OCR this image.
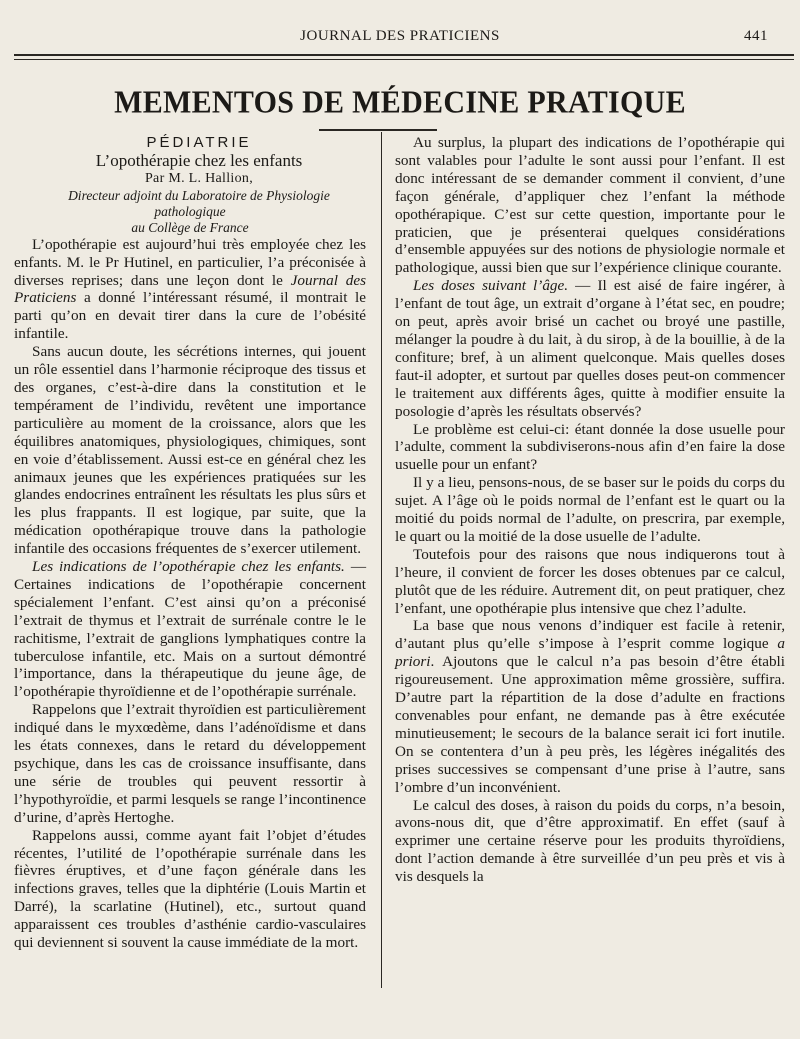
JOURNAL DES PRATICIENS	441
MEMENTOS DE MÉDECINE PRATIQUE

PÉDIATRIE

L’opothérapie chez les enfants

Par M. L. Hallion,

Directeur adjoint du Laboratoire de Physiologie pathologique
au Collège de France

L’opothérapie est aujourd’hui très employée chez les enfants. M. le Pr Hutinel, en particulier, l’a préconisée à diverses reprises; dans une leçon dont le Journal des Praticiens a donné l’intéressant résumé, il montrait le parti qu’on en devait tirer dans la cure de l’obésité infantile.

Sans aucun doute, les sécrétions internes, qui jouent un rôle essentiel dans l’harmonie réciproque des tissus et des organes, c’est-à-dire dans la constitution et le tempérament de l’individu, revêtent une importance particulière au moment de la croissance, alors que les équilibres anatomiques, physiologiques, chimiques, sont en voie d’établissement. Aussi est-ce en général chez les animaux jeunes que les expériences pratiquées sur les glandes endocrines entraînent les résultats les plus sûrs et les plus frappants. Il est logique, par suite, que la médication opothérapique trouve dans la pathologie infantile des occasions fréquentes de s’exercer utilement.

Les indications de l’opothérapie chez les enfants. — Certaines indications de l’opothérapie concernent spécialement l’enfant. C’est ainsi qu’on a préconisé l’extrait de thymus et l’extrait de surrénale contre le le rachitisme, l’extrait de ganglions lymphatiques contre la tuberculose infantile, etc. Mais on a surtout démontré l’importance, dans la thérapeutique du jeune âge, de l’opothérapie thyroïdienne et de l’opothérapie surrénale.

Rappelons que l’extrait thyroïdien est particulièrement indiqué dans le myxœdème, dans l’adénoïdisme et dans les états connexes, dans le retard du développement psychique, dans les cas de croissance insuffisante, dans une série de troubles qui peuvent ressortir à l’hypothyroïdie, et parmi lesquels se range l’incontinence d’urine, d’après Hertoghe.

Rappelons aussi, comme ayant fait l’objet d’études récentes, l’utilité de l’opothérapie surrénale dans les fièvres éruptives, et d’une façon générale dans les infections graves, telles que la diphtérie (Louis Martin et Darré), la scarlatine (Hutinel), etc., surtout quand apparaissent ces troubles d’asthénie cardio-vasculaires qui deviennent si souvent la cause immédiate de la mort.

Au surplus, la plupart des indications de l’opothérapie qui sont valables pour l’adulte le sont aussi pour l’enfant. Il est donc intéressant de se demander comment il convient, d’une façon générale, d’appliquer chez l’enfant la méthode opothérapique. C’est sur cette question, importante pour le praticien, que je présenterai quelques considérations d’ensemble appuyées sur des notions de physiologie normale et pathologique, aussi bien que sur l’expérience clinique courante.

Les doses suivant l’âge. — Il est aisé de faire ingérer, à l’enfant de tout âge, un extrait d’organe à l’état sec, en poudre; on peut, après avoir brisé un cachet ou broyé une pastille, mélanger la poudre à du lait, à du sirop, à de la bouillie, à de la confiture; bref, à un aliment quelconque. Mais quelles doses faut-il adopter, et surtout par quelles doses peut-on commencer le traitement aux différents âges, quitte à modifier ensuite la posologie d’après les résultats observés?

Le problème est celui-ci: étant donnée la dose usuelle pour l’adulte, comment la subdiviserons-nous afin d’en faire la dose usuelle pour un enfant?

Il y a lieu, pensons-nous, de se baser sur le poids du corps du sujet. A l’âge où le poids normal de l’enfant est le quart ou la moitié du poids normal de l’adulte, on prescrira, par exemple, le quart ou la moitié de la dose usuelle de l’adulte.

Toutefois pour des raisons que nous indiquerons tout à l’heure, il convient de forcer les doses obtenues par ce calcul, plutôt que de les réduire. Autrement dit, on peut pratiquer, chez l’enfant, une opothérapie plus intensive que chez l’adulte.

La base que nous venons d’indiquer est facile à retenir, d’autant plus qu’elle s’impose à l’esprit comme logique a priori. Ajoutons que le calcul n’a pas besoin d’être établi rigoureusement. Une approximation même grossière, suffira. D’autre part la répartition de la dose d’adulte en fractions convenables pour enfant, ne demande pas à être exécutée minutieusement; le secours de la balance serait ici fort inutile. On se contentera d’un à peu près, les légères inégalités des prises successives se compensant d’une prise à l’autre, sans l’ombre d’un inconvénient.

Le calcul des doses, à raison du poids du corps, n’a besoin, avons-nous dit, que d’être approximatif. En effet (sauf à exprimer une certaine réserve pour les produits thyroïdiens, dont l’action demande à être surveillée d’un peu près et vis à vis desquels la
